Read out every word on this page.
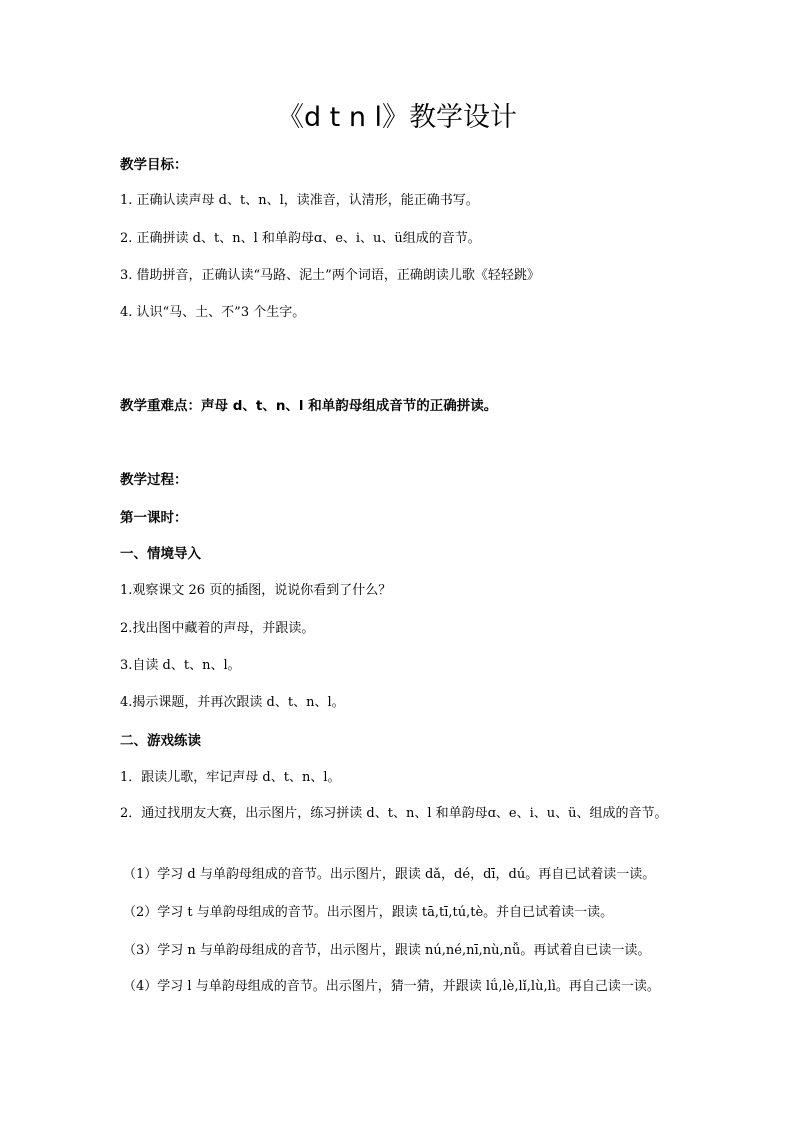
《d t n l》教学设计
教学目标：
1. 正确认读声母 d、t、n、l，读准音，认清形，能正确书写。
2. 正确拼读 d、t、n、l 和单韵母ɑ、e、i、u、ü组成的音节。
3. 借助拼音，正确认读“马路、泥土”两个词语，正确朗读儿歌《轻轻跳》
4. 认识“马、土、不”3 个生字。
教学重难点：声母 d、t、n、l 和单韵母组成音节的正确拼读。
教学过程：
第一课时：
一、情境导入
1.观察课文 26 页的插图，说说你看到了什么？
2.找出图中藏着的声母，并跟读。
3.自读 d、t、n、l。
4.揭示课题，并再次跟读 d、t、n、l。
二、游戏练读
1．跟读儿歌，牢记声母 d、t、n、l。
2．通过找朋友大赛，出示图片，练习拼读 d、t、n、l 和单韵母ɑ、e、i、u、ü、组成的音节。
（1）学习 d 与单韵母组成的音节。出示图片，跟读 dǎ，dé，dī，dú。再自已试着读一读。
（2）学习 t 与单韵母组成的音节。出示图片，跟读 tā,tī,tú,tè。并自已试着读一读。
（3）学习 n 与单韵母组成的音节，出示图片，跟读 nú,né,nī,nù,nǚ。再试着自已读一读。
（4）学习 l 与单韵母组成的音节。出示图片，猜一猜，并跟读 lǘ,lè,lǐ,lù,lì。再自己读一读。
